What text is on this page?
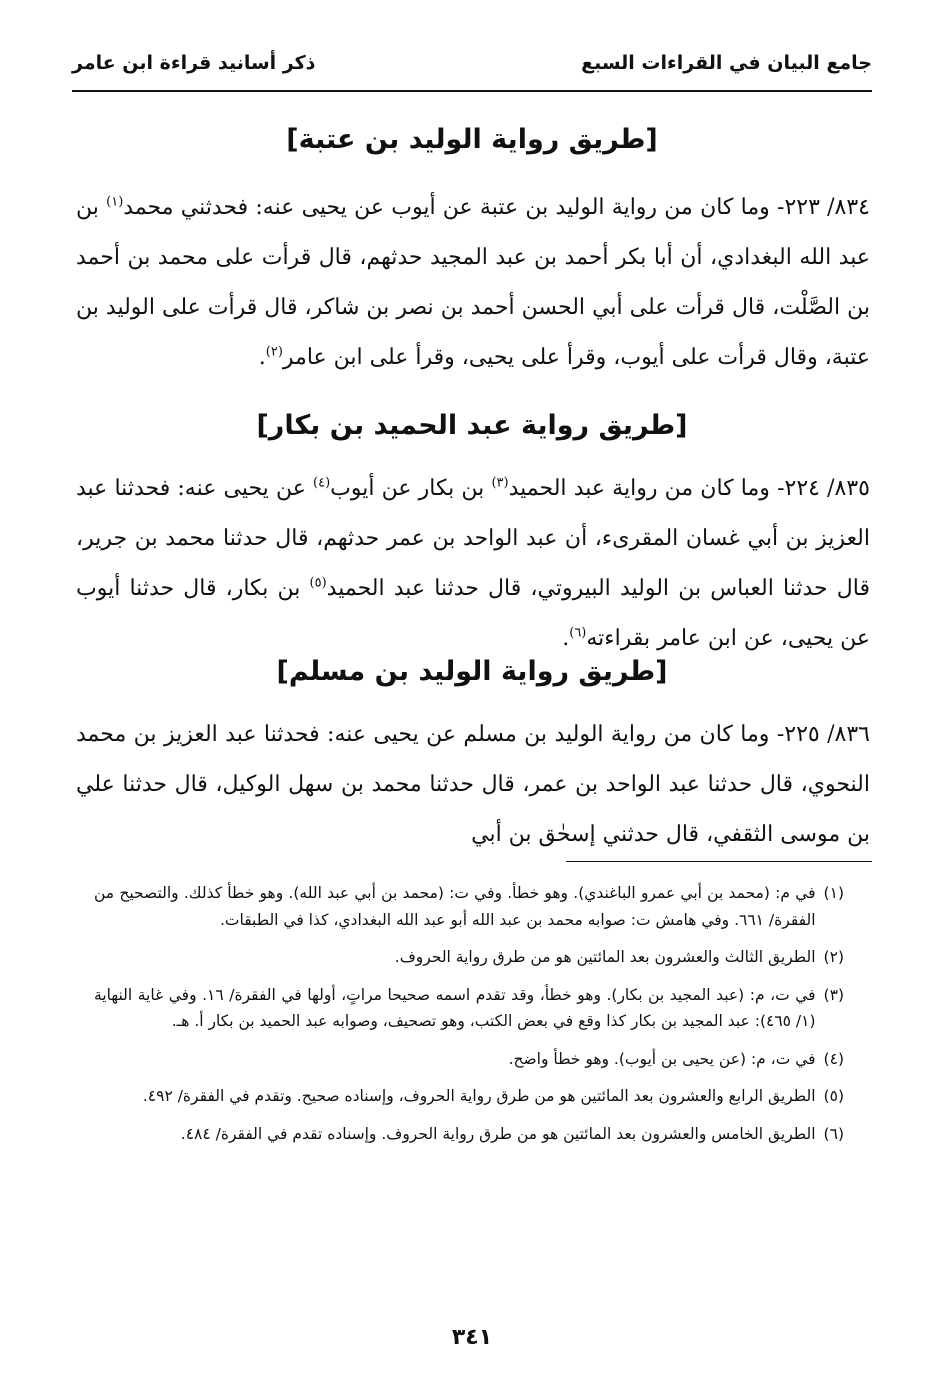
جامع البيان في القراءات السبع
ذكر أسانيد قراءة ابن عامر
[طريق رواية الوليد بن عتبة]
٨٣٤/ ٢٢٣- وما كان من رواية الوليد بن عتبة عن أيوب عن يحيى عنه: فحدثني محمد$^{(١)}$ بن عبد الله البغدادي، أن أبا بكر أحمد بن عبد المجيد حدثهم، قال قرأت على محمد بن أحمد بن الصَّلْت، قال قرأت على أبي الحسن أحمد بن نصر بن شاكر، قال قرأت على الوليد بن عتبة، وقال قرأت على أيوب، وقرأ على يحيى، وقرأ على ابن عامر$^{(٢)}$.
[طريق رواية عبد الحميد بن بكار]
٨٣٥/ ٢٢٤- وما كان من رواية عبد الحميد$^{(٣)}$ بن بكار عن أيوب$^{(٤)}$ عن يحيى عنه: فحدثنا عبد العزيز بن أبي غسان المقرىء، أن عبد الواحد بن عمر حدثهم، قال حدثنا محمد بن جرير، قال حدثنا العباس بن الوليد البيروتي، قال حدثنا عبد الحميد$^{(٥)}$ بن بكار، قال حدثنا أيوب عن يحيى، عن ابن عامر بقراءته$^{(٦)}$.
[طريق رواية الوليد بن مسلم]
٨٣٦/ ٢٢٥- وما كان من رواية الوليد بن مسلم عن يحيى عنه: فحدثنا عبد العزيز بن محمد النحوي، قال حدثنا عبد الواحد بن عمر، قال حدثنا محمد بن سهل الوكيل، قال حدثنا علي بن موسى الثقفي، قال حدثني إسحٰق بن أبي
(١)
في م: (محمد بن أبي عمرو الباغندي). وهو خطأ. وفي ت: (محمد بن أبي عبد الله). وهو خطأ كذلك. والتصحيح من الفقرة/ ٦٦١. وفي هامش ت: صوابه محمد بن عبد الله أبو عبد الله البغدادي، كذا في الطبقات.
(٢)
الطريق الثالث والعشرون بعد المائتين هو من طرق رواية الحروف.
(٣)
في ت، م: (عبد المجيد بن بكار). وهو خطأ، وقد تقدم اسمه صحيحا مراتٍ، أولها في الفقرة/ ١٦. وفي غاية النهاية (١/ ٤٦٥): عبد المجيد بن بكار كذا وقع في بعض الكتب، وهو تصحيف، وصوابه عبد الحميد بن بكار أ. هـ.
(٤)
في ت، م: (عن يحيى بن أيوب). وهو خطأ واضح.
(٥)
الطريق الرابع والعشرون بعد المائتين هو من طرق رواية الحروف، وإسناده صحيح. وتقدم في الفقرة/ ٤٩٢.
(٦)
الطريق الخامس والعشرون بعد المائتين هو من طرق رواية الحروف. وإسناده تقدم في الفقرة/ ٤٨٤.
٣٤١
